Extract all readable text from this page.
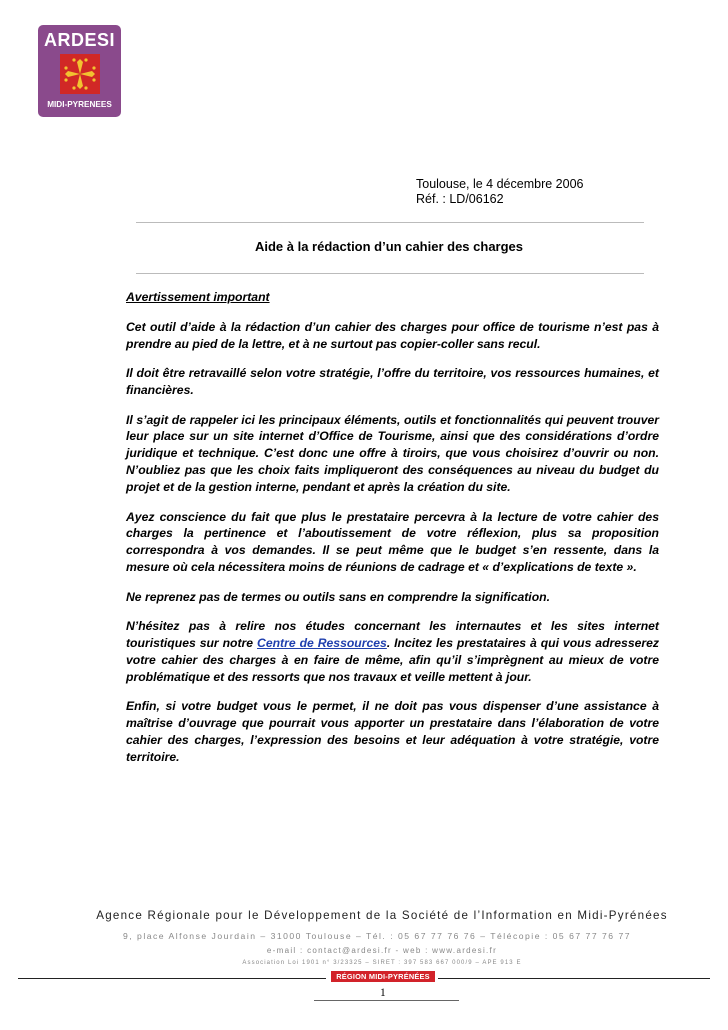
ARDESI
MIDI-PYRENEES
Toulouse, le 4 décembre 2006
Réf. : LD/06162
Aide à la rédaction d’un cahier des charges

Avertissement important

Cet outil d’aide à la rédaction d’un cahier des charges pour office de tourisme n’est pas à prendre au pied de la lettre, et à ne surtout pas copier-coller sans recul.

Il doit être retravaillé selon votre stratégie, l’offre du territoire, vos ressources humaines, et financières.

Il s’agit de rappeler ici les principaux éléments, outils et fonctionnalités qui peuvent trouver leur place sur un site internet d’Office de Tourisme, ainsi que des considérations d’ordre juridique et technique. C’est donc une offre à tiroirs, que vous choisirez d’ouvrir ou non. N’oubliez pas que les choix faits impliqueront des conséquences au niveau du budget du projet et de la gestion interne, pendant et après la création du site.

Ayez conscience du fait que plus le prestataire percevra à la lecture de votre cahier des charges la pertinence et l’aboutissement de votre réflexion, plus sa proposition correspondra à vos demandes. Il se peut même que le budget s’en ressente, dans la mesure où cela nécessitera moins de réunions de cadrage et « d’explications de texte ».

Ne reprenez pas de termes ou outils sans en comprendre la signification.

N’hésitez pas à relire nos études concernant les internautes et les sites internet touristiques sur notre Centre de Ressources. Incitez les prestataires à qui vous adresserez votre cahier des charges à en faire de même, afin qu’il s’imprègnent au mieux de votre problématique et des ressorts que nos travaux et veille mettent à jour.

Enfin, si votre budget vous le permet, il ne doit pas vous dispenser d’une assistance à maîtrise d’ouvrage que pourrait vous apporter un prestataire dans l’élaboration de votre cahier des charges, l’expression des besoins et leur adéquation à votre stratégie, votre territoire.

Agence Régionale pour le Développement de la Société de l’Information en Midi-Pyrénées
9, place Alfonse Jourdain – 31000 Toulouse – Tél. : 05 67 77 76 76 – Télécopie : 05 67 77 76 77
e-mail : contact@ardesi.fr - web : www.ardesi.fr
Association Loi 1901 n° 3/23325 – SIRET : 397 583 667 000/9 – APE 913 E
RÉGION MIDI-PYRÉNÉES
1
